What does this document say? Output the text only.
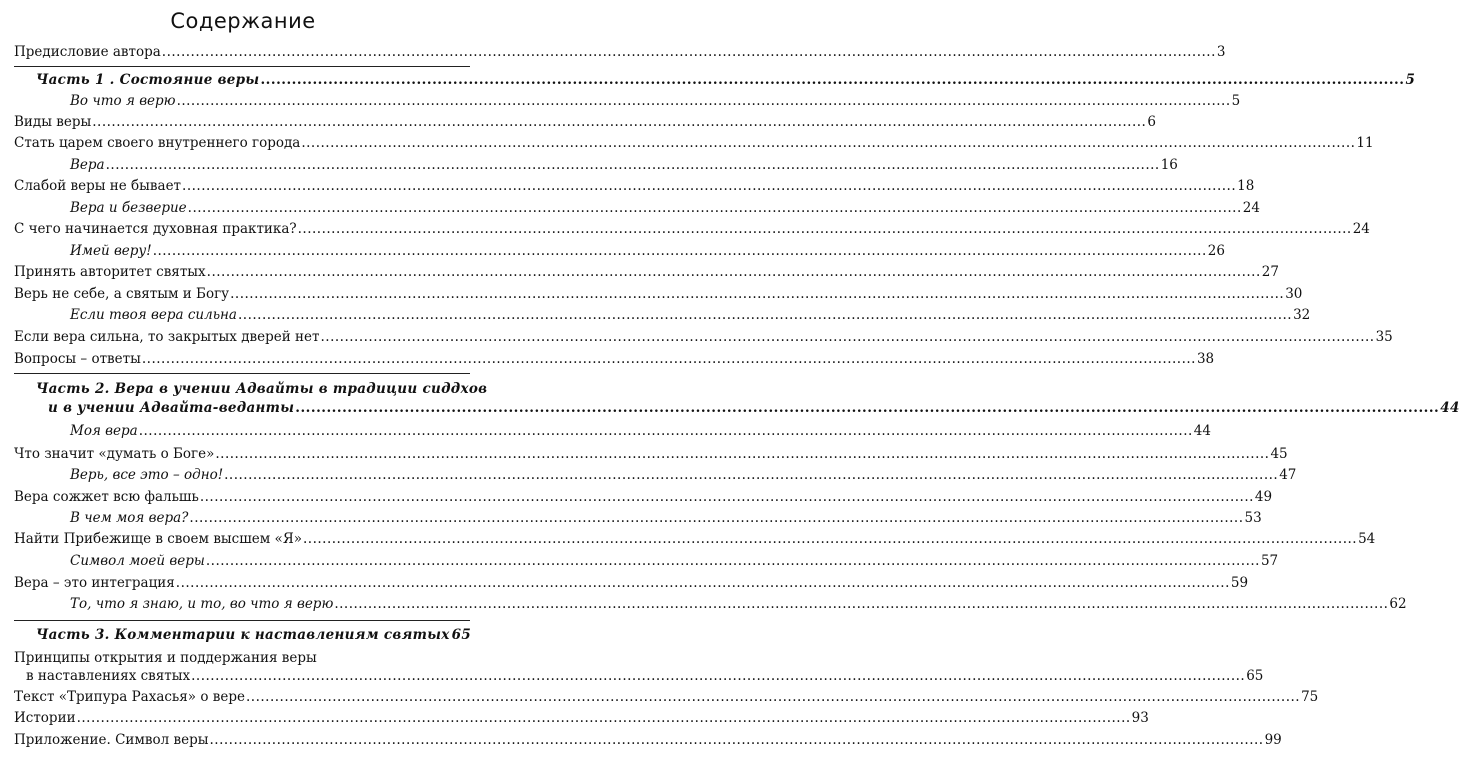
Содержание
Предисловие автора ............................................................................................................................................................................................................................ 3
Часть 1 . Состояние веры ............................................................................................................................................................................................................................ 5
Во что я верю ............................................................................................................................................................................................................................ 5
Виды веры ............................................................................................................................................................................................................................ 6
Стать царем своего внутреннего города ............................................................................................................................................................................................................................ 11
Вера ............................................................................................................................................................................................................................ 16
Слабой веры не бывает ............................................................................................................................................................................................................................ 18
Вера и безверие ............................................................................................................................................................................................................................ 24
С чего начинается духовная практика? ............................................................................................................................................................................................................................ 24
Имей веру! ............................................................................................................................................................................................................................ 26
Принять авторитет святых ............................................................................................................................................................................................................................ 27
Верь не себе, а святым и Богу ............................................................................................................................................................................................................................ 30
Если твоя вера сильна ............................................................................................................................................................................................................................ 32
Если вера сильна, то закрытых дверей нет ............................................................................................................................................................................................................................ 35
Вопросы – ответы ............................................................................................................................................................................................................................ 38
Часть 2. Вера в учении Адвайты в традиции сиддхов
и в учении Адвайта-веданты ............................................................................................................................................................................................................................ 44
Моя вера ............................................................................................................................................................................................................................ 44
Что значит «думать о Боге» ............................................................................................................................................................................................................................ 45
Верь, все это – одно! ............................................................................................................................................................................................................................ 47
Вера сожжет всю фальшь ............................................................................................................................................................................................................................ 49
В чем моя вера? ............................................................................................................................................................................................................................ 53
Найти Прибежище в своем высшем «Я» ............................................................................................................................................................................................................................ 54
Символ моей веры ............................................................................................................................................................................................................................ 57
Вера – это интеграция ............................................................................................................................................................................................................................ 59
То, что я знаю, и то, во что я верю ............................................................................................................................................................................................................................ 62
Часть 3. Комментарии к наставлениям святых 65
Принципы открытия и поддержания веры
в наставлениях святых ............................................................................................................................................................................................................................ 65
Текст «Трипура Рахасья» о вере ............................................................................................................................................................................................................................ 75
Истории ............................................................................................................................................................................................................................ 93
Приложение. Символ веры ............................................................................................................................................................................................................................ 99
